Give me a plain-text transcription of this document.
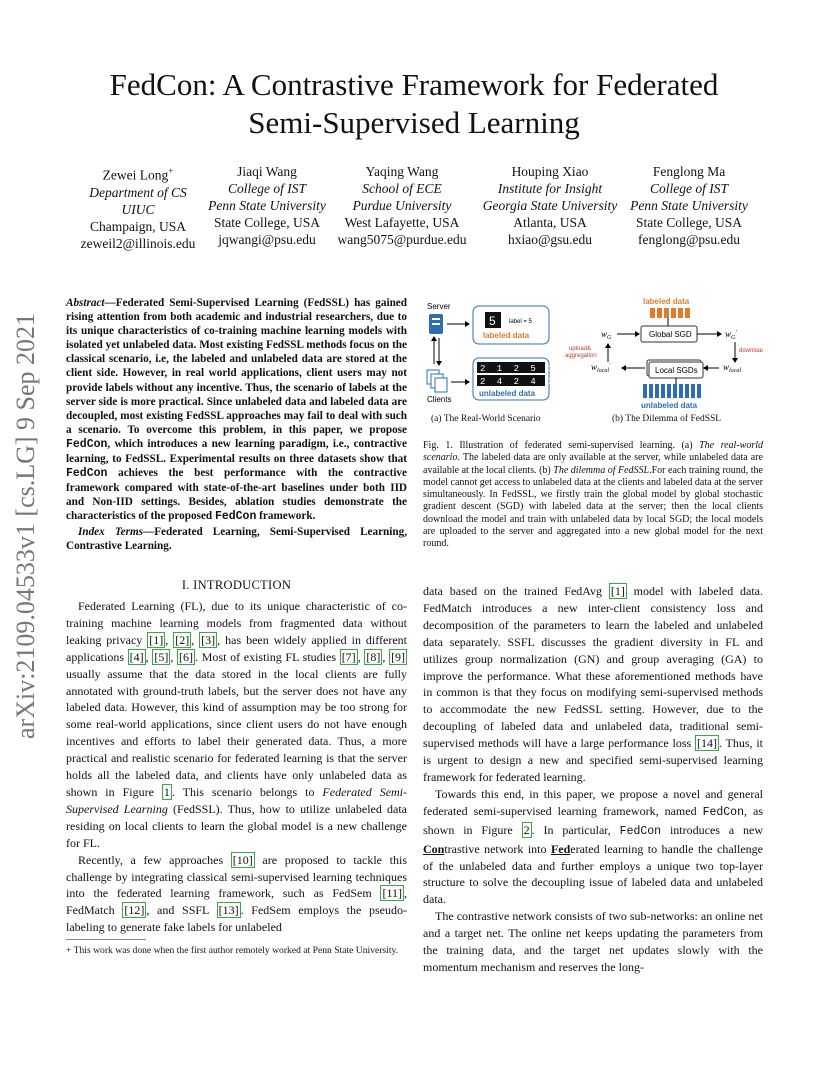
FedCon: A Contrastive Framework for Federated
Semi-Supervised Learning
Zewei Long+
Department of CS
UIUC
Champaign, USA
zeweil2@illinois.edu
Jiaqi Wang
College of IST
Penn State University
State College, USA
jqwangi@psu.edu
Yaqing Wang
School of ECE
Purdue University
West Lafayette, USA
wang5075@purdue.edu
Houping Xiao
Institute for Insight
Georgia State University
Atlanta, USA
hxiao@gsu.edu
Fenglong Ma
College of IST
Penn State University
State College, USA
fenglong@psu.edu
arXiv:2109.04533v1 [cs.LG] 9 Sep 2021
Abstract—Federated Semi-Supervised Learning (FedSSL) has gained rising attention from both academic and industrial researchers, due to its unique characteristics of co-training machine learning models with isolated yet unlabeled data. Most existing FedSSL methods focus on the classical scenario, i.e, the labeled and unlabeled data are stored at the client side. However, in real world applications, client users may not provide labels without any incentive. Thus, the scenario of labels at the server side is more practical. Since unlabeled data and labeled data are decoupled, most existing FedSSL approaches may fail to deal with such a scenario. To overcome this problem, in this paper, we propose FedCon, which introduces a new learning paradigm, i.e., contractive learning, to FedSSL. Experimental results on three datasets show that FedCon achieves the best performance with the contractive framework compared with state-of-the-art baselines under both IID and Non-IID settings. Besides, ablation studies demonstrate the characteristics of the proposed FedCon framework.
Index Terms—Federated Learning, Semi-Supervised Learning, Contrastive Learning.
I. INTRODUCTION

Federated Learning (FL), due to its unique characteristic of co-training machine learning models from fragmented data without leaking privacy [1] , [2] , [3] , has been widely applied in different applications [4] , [5] , [6] . Most of existing FL studies [7] , [8] , [9] usually assume that the data stored in the local clients are fully annotated with ground-truth labels, but the server does not have any labeled data. However, this kind of assumption may be too strong for some real-world applications, since client users do not have enough incentives and efforts to label their generated data. Thus, a more practical and realistic scenario for federated learning is that the server holds all the labeled data, and clients have only unlabeled data as shown in Figure 1 . This scenario belongs to Federated Semi-Supervised Learning (FedSSL). Thus, how to utilize unlabeled data residing on local clients to learn the global model is a new challenge for FL.

Recently, a few approaches [10] are proposed to tackle this challenge by integrating classical semi-supervised learning techniques into the federated learning framework, such as FedSem [11] , FedMatch [12] , and SSFL [13] . FedSem employs the pseudo-labeling to generate fake labels for unlabeled

+ This work was done when the first author remotely worked at Penn State University.
Server
Clients
5 label = 5
labeled data
2 1 2 5 1
2 4 2 4 7
unlabeled data
labeled data
Global SGD
$w_G$	$w_G'$
download
upload&
aggregation
$w_{local}'$	Local SGDs	$w_{local}$
unlabeled data
(a) The Real-World Scenario	(b) The Dilemma of FedSSL
Fig. 1. Illustration of federated semi-supervised learning. (a) The real-world scenario. The labeled data are only available at the server, while unlabeled data are available at the local clients. (b) The dilemma of FedSSL.For each training round, the model cannot get access to unlabeled data at the clients and labeled data at the server simultaneously. In FedSSL, we firstly train the global model by global stochastic gradient descent (SGD) with labeled data at the server; then the local clients download the model and train with unlabeled data by local SGD; the local models are uploaded to the server and aggregated into a new global model for the next round.

data based on the trained FedAvg [1] model with labeled data. FedMatch introduces a new inter-client consistency loss and decomposition of the parameters to learn the labeled and unlabeled data separately. SSFL discusses the gradient diversity in FL and utilizes group normalization (GN) and group averaging (GA) to improve the performance. What these aforementioned methods have in common is that they focus on modifying semi-supervised methods to accommodate the new FedSSL setting. However, due to the decoupling of labeled data and unlabeled data, traditional semi-supervised methods will have a large performance loss [14] . Thus, it is urgent to design a new and specified semi-supervised learning framework for federated learning.

Towards this end, in this paper, we propose a novel and general federated semi-supervised learning framework, named FedCon, as shown in Figure 2 . In particular, FedCon introduces a new Contrastive network into Federated learning to handle the challenge of the unlabeled data and further employs a unique two top-layer structure to solve the decoupling issue of labeled data and unlabeled data.

The contrastive network consists of two sub-networks: an online net and a target net. The online net keeps updating the parameters from the training data, and the target net updates slowly with the momentum mechanism and reserves the long-
